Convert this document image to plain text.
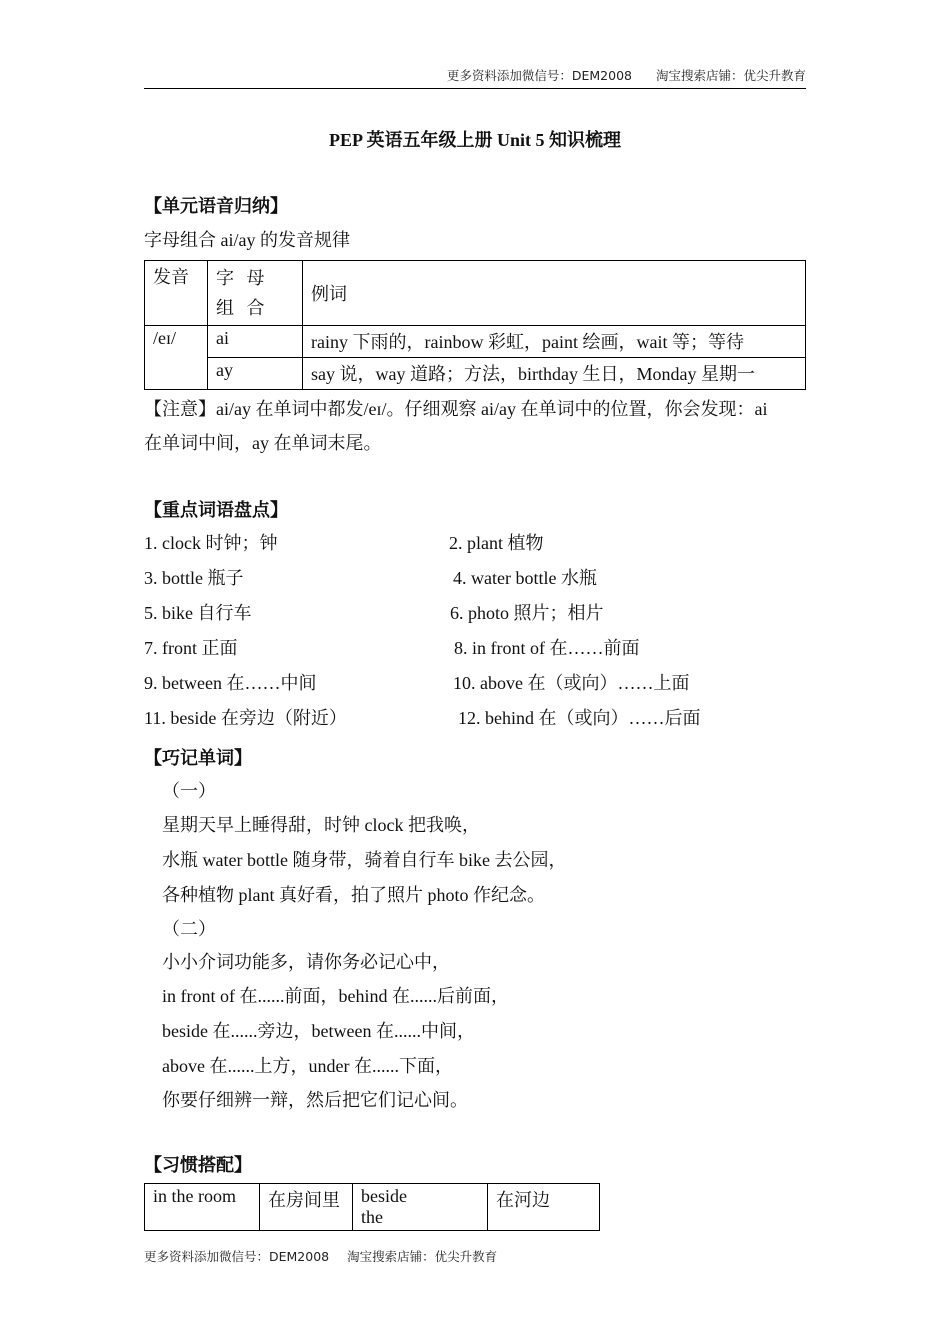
更多资料添加微信号：DEM2008 淘宝搜索店铺：优尖升教育
PEP 英语五年级上册 Unit 5 知识梳理
【单元语音归纳】
字母组合 ai/ay 的发音规律
发音	字 母 组 合	例词
/eɪ/	ai	rainy 下雨的，rainbow 彩虹，paint 绘画，wait 等；等待
	ay	say 说，way 道路；方法，birthday 生日，Monday 星期一
【注意】ai/ay 在单词中都发/eɪ/。仔细观察 ai/ay 在单词中的位置，你会发现：ai
在单词中间，ay 在单词末尾。
【重点词语盘点】
1. clock 时钟；钟	2. plant 植物
3. bottle 瓶子	4. water bottle 水瓶
5. bike 自行车	6. photo 照片；相片
7. front 正面	8. in front of 在……前面
9. between 在……中间	10. above 在（或向）……上面
11. beside 在旁边（附近）	12. behind 在（或向）……后面
【巧记单词】
（一）
星期天早上睡得甜，时钟 clock 把我唤，
水瓶 water bottle 随身带，骑着自行车 bike 去公园，
各种植物 plant 真好看，拍了照片 photo 作纪念。
（二）
小小介词功能多，请你务必记心中，
in front of 在......前面，behind 在......后前面，
beside 在......旁边，between 在......中间，
above 在......上方，under 在......下面，
你要仔细辨一辩，然后把它们记心间。
【习惯搭配】
in the room	在房间里	beside the	在河边
更多资料添加微信号：DEM2008 淘宝搜索店铺：优尖升教育
